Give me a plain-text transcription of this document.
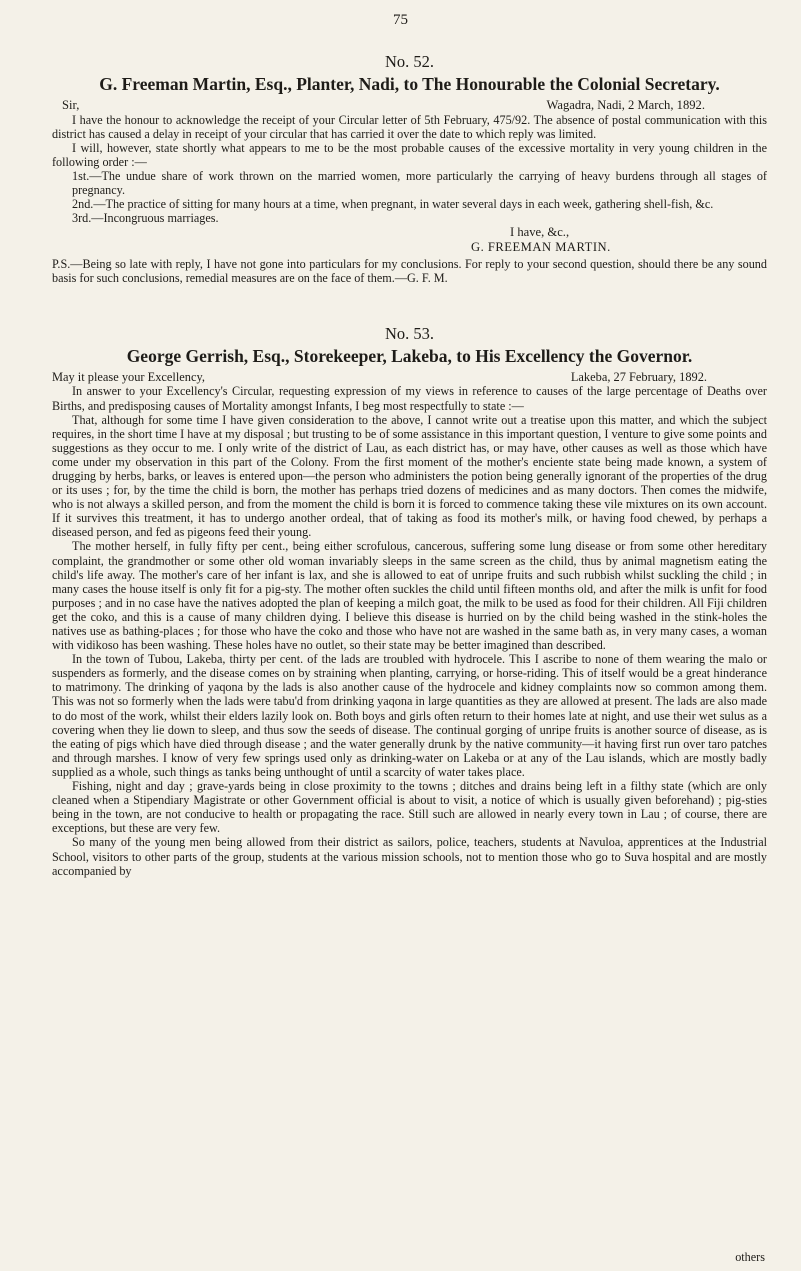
75
No. 52.
G. Freeman Martin, Esq., Planter, Nadi, to The Honourable the Colonial Secretary.
Sir,	Wagadra, Nadi, 2 March, 1892.

I have the honour to acknowledge the receipt of your Circular letter of 5th February, 475/92. The absence of postal communication with this district has caused a delay in receipt of your circular that has carried it over the date to which reply was limited.

I will, however, state shortly what appears to me to be the most probable causes of the excessive mortality in very young children in the following order :—

1st.—The undue share of work thrown on the married women, more particularly the carrying of heavy burdens through all stages of pregnancy.

2nd.—The practice of sitting for many hours at a time, when pregnant, in water several days in each week, gathering shell-fish, &c.

3rd.—Incongruous marriages.

I have, &c.,
G. FREEMAN MARTIN.

P.S.—Being so late with reply, I have not gone into particulars for my conclusions. For reply to your second question, should there be any sound basis for such conclusions, remedial measures are on the face of them.—G. F. M.

No. 53.
George Gerrish, Esq., Storekeeper, Lakeba, to His Excellency the Governor.
May it please your Excellency,	Lakeba, 27 February, 1892.

In answer to your Excellency's Circular, requesting expression of my views in reference to causes of the large percentage of Deaths over Births, and predisposing causes of Mortality amongst Infants, I beg most respectfully to state :—

That, although for some time I have given consideration to the above, I cannot write out a treatise upon this matter, and which the subject requires, in the short time I have at my disposal ; but trusting to be of some assistance in this important question, I venture to give some points and suggestions as they occur to me. I only write of the district of Lau, as each district has, or may have, other causes as well as those which have come under my observation in this part of the Colony. From the first moment of the mother's enciente state being made known, a system of drugging by herbs, barks, or leaves is entered upon—the person who administers the potion being generally ignorant of the properties of the drug or its uses ; for, by the time the child is born, the mother has perhaps tried dozens of medicines and as many doctors. Then comes the midwife, who is not always a skilled person, and from the moment the child is born it is forced to commence taking these vile mixtures on its own account. If it survives this treatment, it has to undergo another ordeal, that of taking as food its mother's milk, or having food chewed, by perhaps a diseased person, and fed as pigeons feed their young.

The mother herself, in fully fifty per cent., being either scrofulous, cancerous, suffering some lung disease or from some other hereditary complaint, the grandmother or some other old woman invariably sleeps in the same screen as the child, thus by animal magnetism eating the child's life away. The mother's care of her infant is lax, and she is allowed to eat of unripe fruits and such rubbish whilst suckling the child ; in many cases the house itself is only fit for a pig-sty. The mother often suckles the child until fifteen months old, and after the milk is unfit for food purposes ; and in no case have the natives adopted the plan of keeping a milch goat, the milk to be used as food for their children. All Fiji children get the coko, and this is a cause of many children dying. I believe this disease is hurried on by the child being washed in the stink-holes the natives use as bathing-places ; for those who have the coko and those who have not are washed in the same bath as, in very many cases, a woman with vidikoso has been washing. These holes have no outlet, so their state may be better imagined than described.

In the town of Tubou, Lakeba, thirty per cent. of the lads are troubled with hydrocele. This I ascribe to none of them wearing the malo or suspenders as formerly, and the disease comes on by straining when planting, carrying, or horse-riding. This of itself would be a great hinderance to matrimony. The drinking of yaqona by the lads is also another cause of the hydrocele and kidney complaints now so common among them. This was not so formerly when the lads were tabu'd from drinking yaqona in large quantities as they are allowed at present. The lads are also made to do most of the work, whilst their elders lazily look on. Both boys and girls often return to their homes late at night, and use their wet sulus as a covering when they lie down to sleep, and thus sow the seeds of disease. The continual gorging of unripe fruits is another source of disease, as is the eating of pigs which have died through disease ; and the water generally drunk by the native community—it having first run over taro patches and through marshes. I know of very few springs used only as drinking-water on Lakeba or at any of the Lau islands, which are mostly badly supplied as a whole, such things as tanks being unthought of until a scarcity of water takes place.

Fishing, night and day ; grave-yards being in close proximity to the towns ; ditches and drains being left in a filthy state (which are only cleaned when a Stipendiary Magistrate or other Government official is about to visit, a notice of which is usually given beforehand) ; pig-sties being in the town, are not conducive to health or propagating the race. Still such are allowed in nearly every town in Lau ; of course, there are exceptions, but these are very few.

So many of the young men being allowed from their district as sailors, police, teachers, students at Navuloa, apprentices at the Industrial School, visitors to other parts of the group, students at the various mission schools, not to mention those who go to Suva hospital and are mostly accompanied by

others
